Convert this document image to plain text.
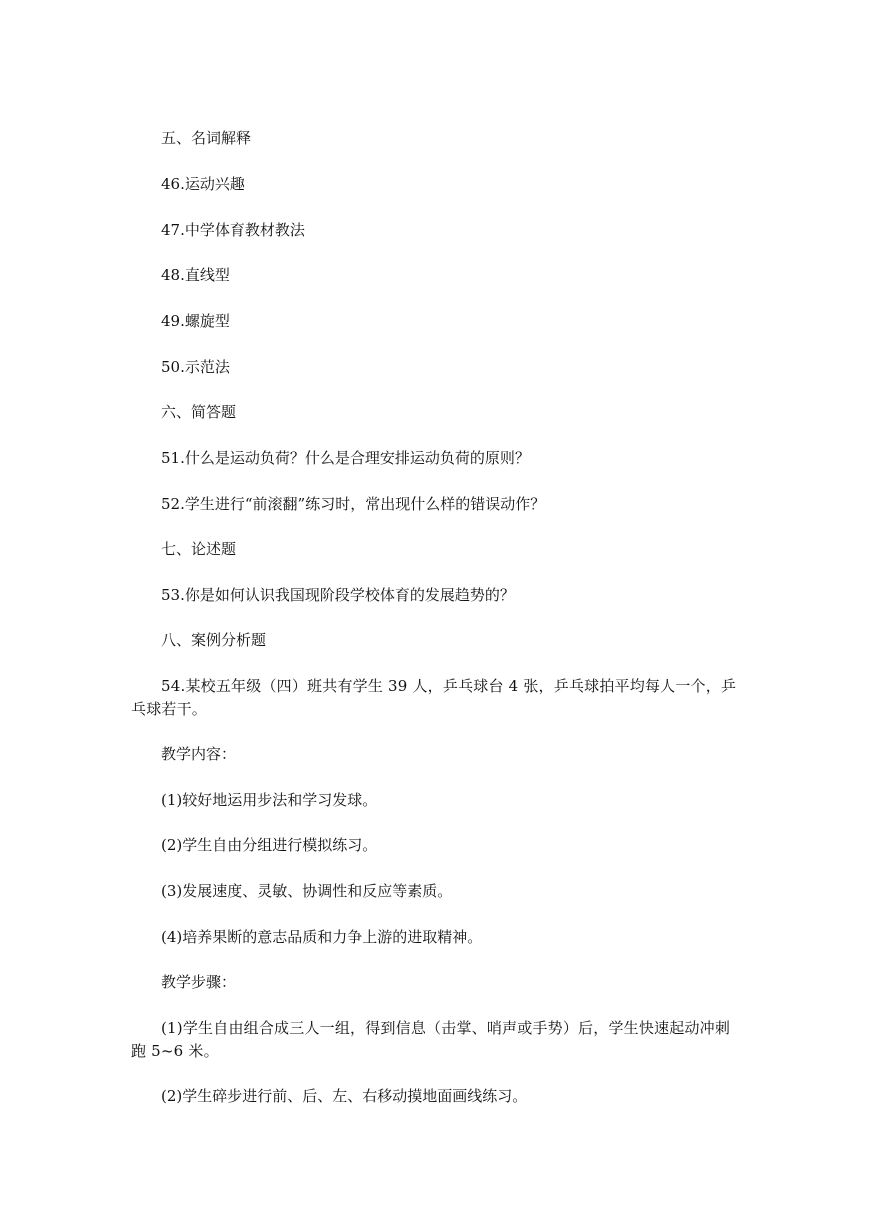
五、名词解释
46.运动兴趣
47.中学体育教材教法
48.直线型
49.螺旋型
50.示范法
六、简答题
51.什么是运动负荷？什么是合理安排运动负荷的原则？
52.学生进行“前滚翻”练习时，常出现什么样的错误动作？
七、论述题
53.你是如何认识我国现阶段学校体育的发展趋势的？
八、案例分析题
54.某校五年级（四）班共有学生 39 人，乒乓球台 4 张，乒乓球拍平均每人一个，乒乓球若干。
教学内容：
(1)较好地运用步法和学习发球。
(2)学生自由分组进行模拟练习。
(3)发展速度、灵敏、协调性和反应等素质。
(4)培养果断的意志品质和力争上游的进取精神。
教学步骤：
(1)学生自由组合成三人一组，得到信息（击掌、哨声或手势）后，学生快速起动冲刺跑 5~6 米。
(2)学生碎步进行前、后、左、右移动摸地面画线练习。
